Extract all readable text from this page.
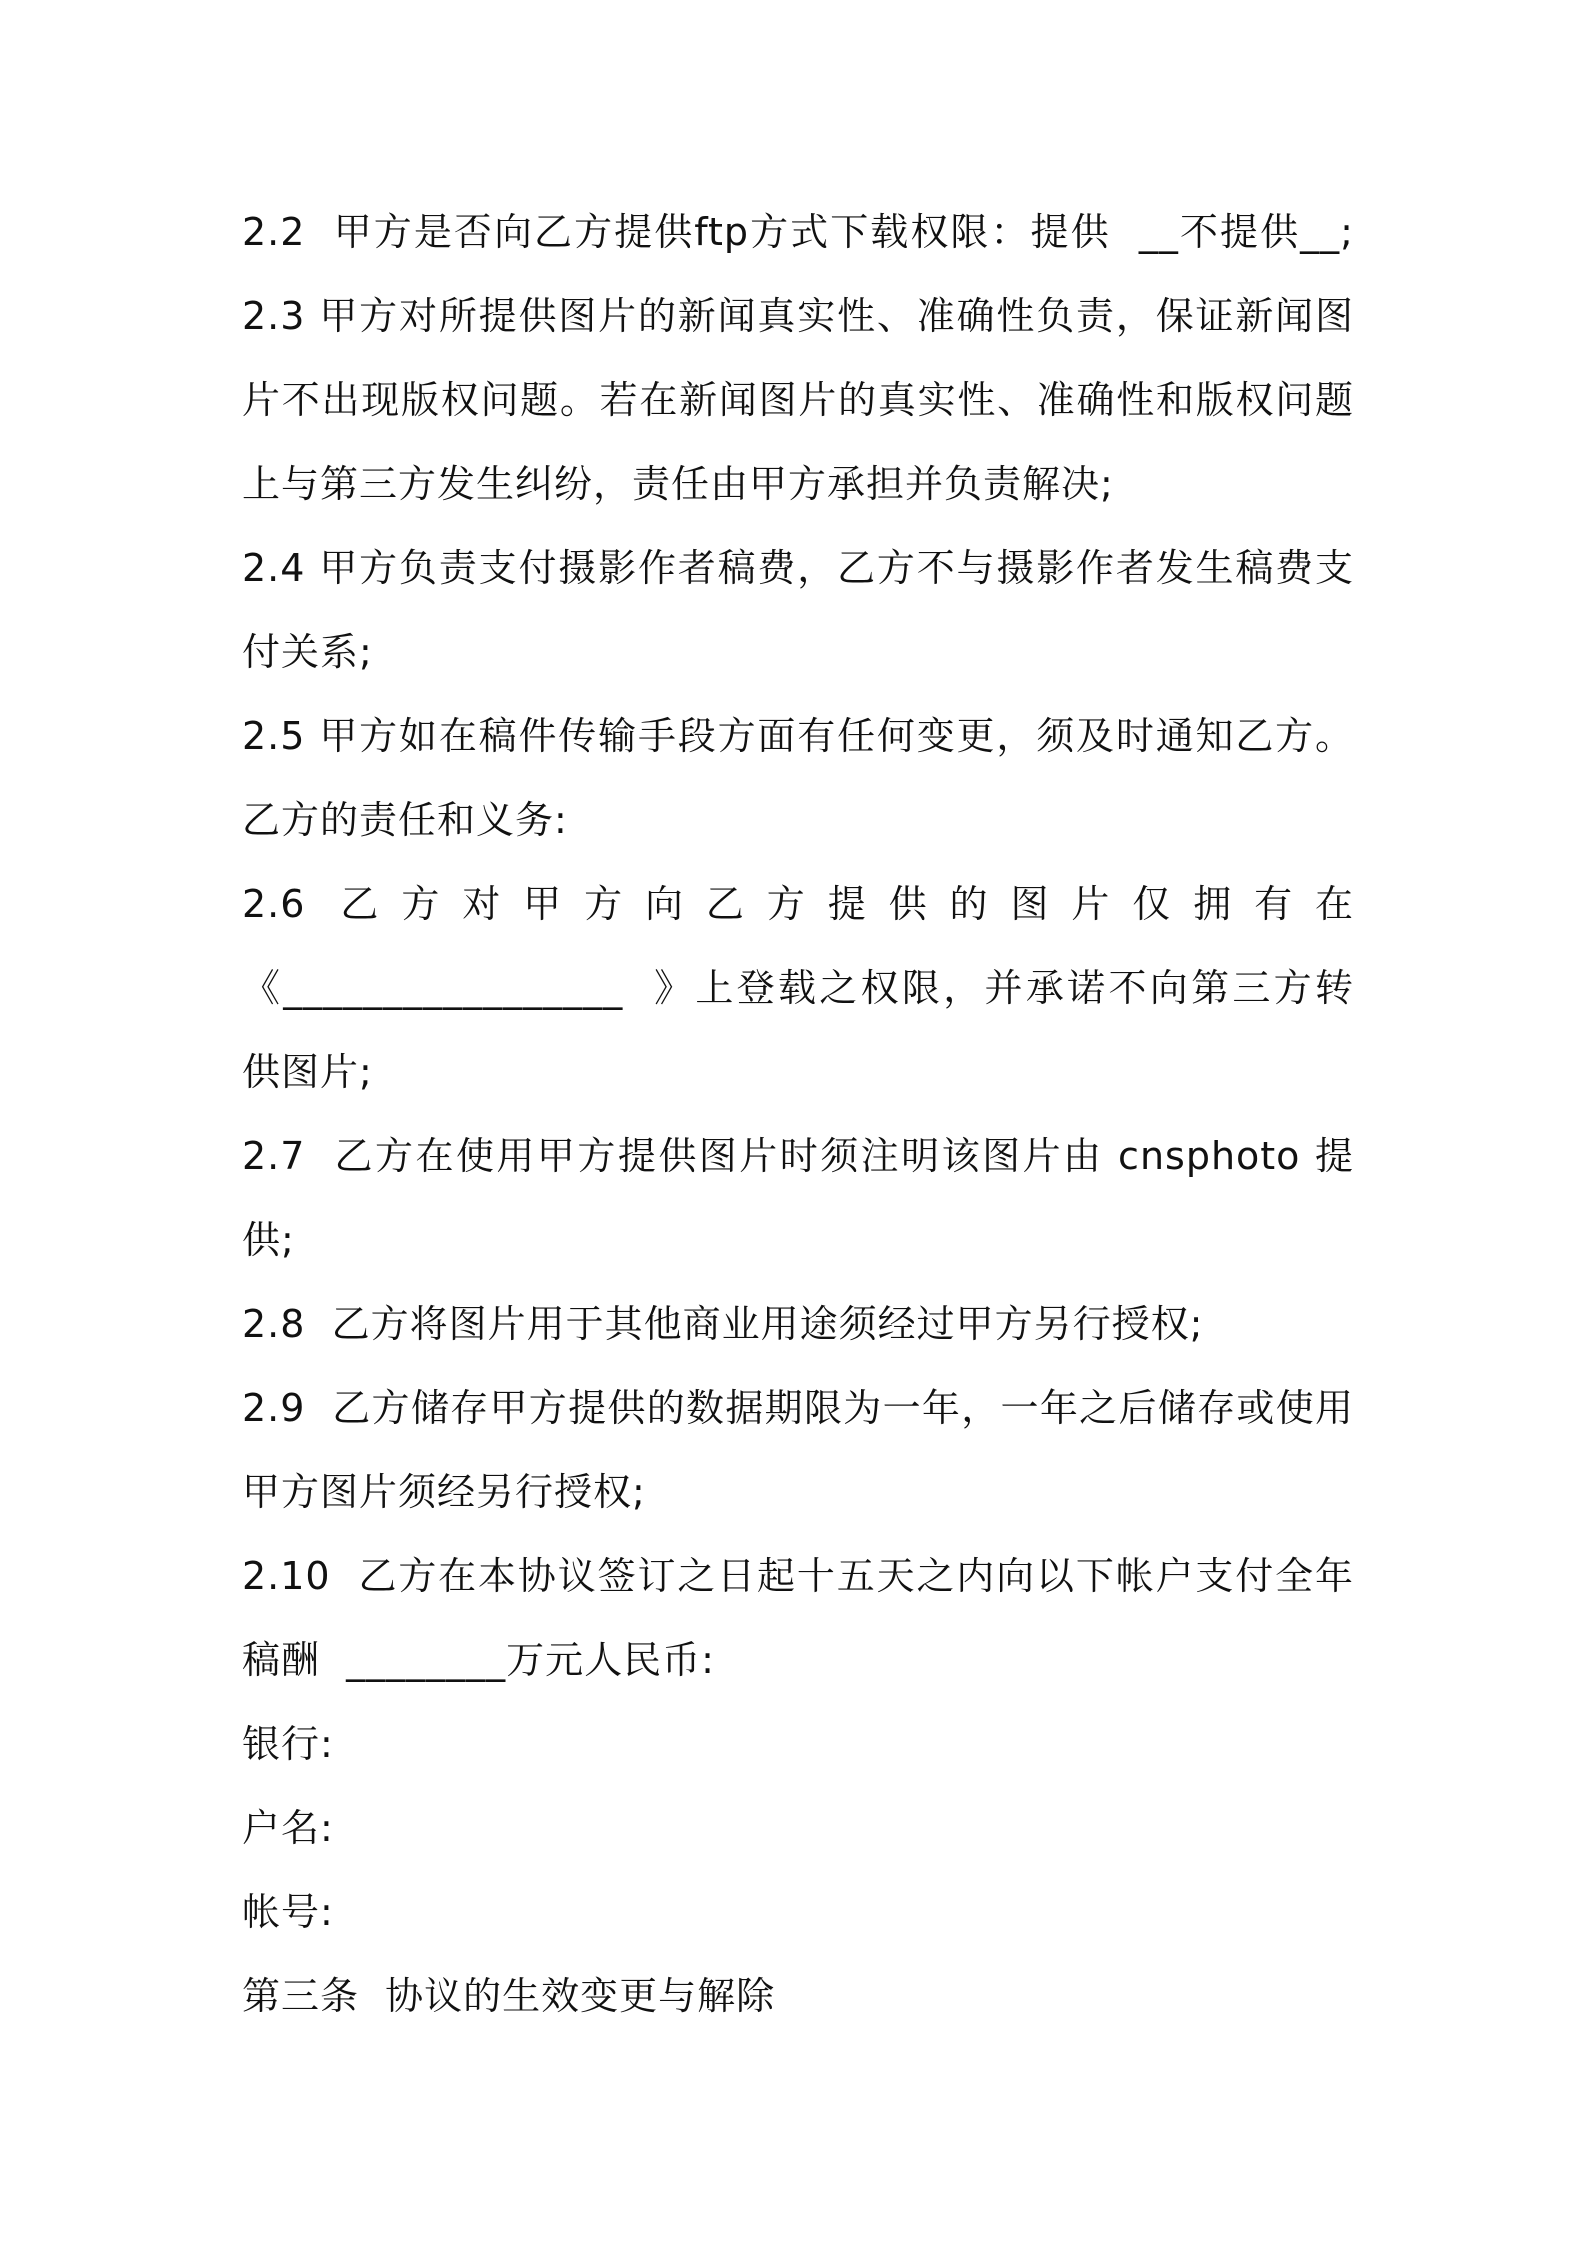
2.2  甲方是否向乙方提供ftp方式下载权限：提供  __不提供__;
2.3 甲方对所提供图片的新闻真实性、准确性负责，保证新闻图
片不出现版权问题。若在新闻图片的真实性、准确性和版权问题
上与第三方发生纠纷，责任由甲方承担并负责解决;
2.4 甲方负责支付摄影作者稿费，乙方不与摄影作者发生稿费支
付关系;
2.5 甲方如在稿件传输手段方面有任何变更，须及时通知乙方。
乙方的责任和义务:
2.6  乙 方 对 甲 方 向 乙 方 提 供 的 图 片 仅 拥 有 在
《_________________  》上登载之权限，并承诺不向第三方转
供图片;
2.7  乙方在使用甲方提供图片时须注明该图片由 cnsphoto 提
供;
2.8  乙方将图片用于其他商业用途须经过甲方另行授权;
2.9  乙方储存甲方提供的数据期限为一年，一年之后储存或使用
甲方图片须经另行授权;
2.10  乙方在本协议签订之日起十五天之内向以下帐户支付全年
稿酬  ________万元人民币:
银行:
户名:
帐号:
第三条  协议的生效变更与解除
